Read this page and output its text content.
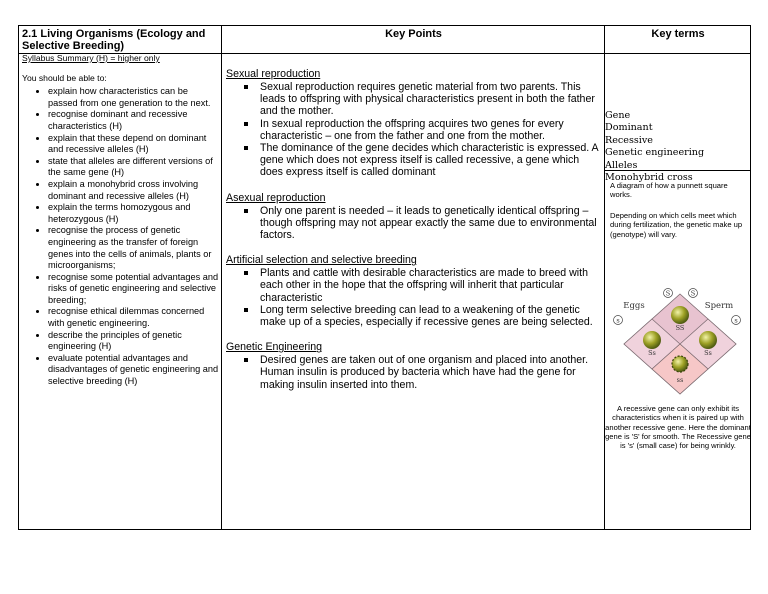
2.1 Living Organisms (Ecology and
Selective Breeding)
Key Points	Key terms
Syllabus Summary (H) = higher only
You should be able to:
• explain how characteristics can be passed from one generation to the next.
• recognise dominant and recessive characteristics (H)
• explain that these depend on dominant and recessive alleles (H)
• state that alleles are different versions of the same gene (H)
• explain a monohybrid cross involving dominant and recessive alleles (H)
• explain the terms homozygous and heterozygous (H)
• recognise the process of genetic engineering as the transfer of foreign genes into the cells of animals, plants or microorganisms;
• recognise some potential advantages and risks of genetic engineering and selective breeding;
• recognise ethical dilemmas concerned with genetic engineering.
• describe the principles of genetic engineering (H)
• evaluate potential advantages and disadvantages of genetic engineering and selective breeding (H)
Sexual reproduction
Sexual reproduction requires genetic material from two parents. This leads to offspring with physical characteristics present in both the father and the mother.
In sexual reproduction the offspring acquires two genes for every characteristic – one from the father and one from the mother.
The dominance of the gene decides which characteristic is expressed. A gene which does not express itself is called recessive, a gene which does express itself is called dominant
Asexual reproduction
Only one parent is needed – it leads to genetically identical offspring – though offspring may not appear exactly the same due to environmental factors.
Artificial selection and selective breeding
Plants and cattle with desirable characteristics are made to breed with each other in the hope that the offspring will inherit that particular characteristic
Long term selective breeding can lead to a weakening of the genetic make up of a species, especially if recessive genes are being selected.
Genetic Engineering
Desired genes are taken out of one organism and placed into another. Human insulin is produced by bacteria which have had the gene for making insulin inserted into them.
Gene
Dominant
Recessive
Genetic engineering
Alleles
Monohybrid cross
A diagram of how a punnett square works.
Depending on which cells meet which during fertilization, the genetic make up (genotype) will vary.
S
s
S
s
SS
Ss	Ss
ss
Eggs	Sperm
A recessive gene can only exhibit its characteristics when it is paired up with another recessive gene. Here the dominant gene is 'S' for smooth. The Recessive gene is 's' (small case) for being wrinkly.
